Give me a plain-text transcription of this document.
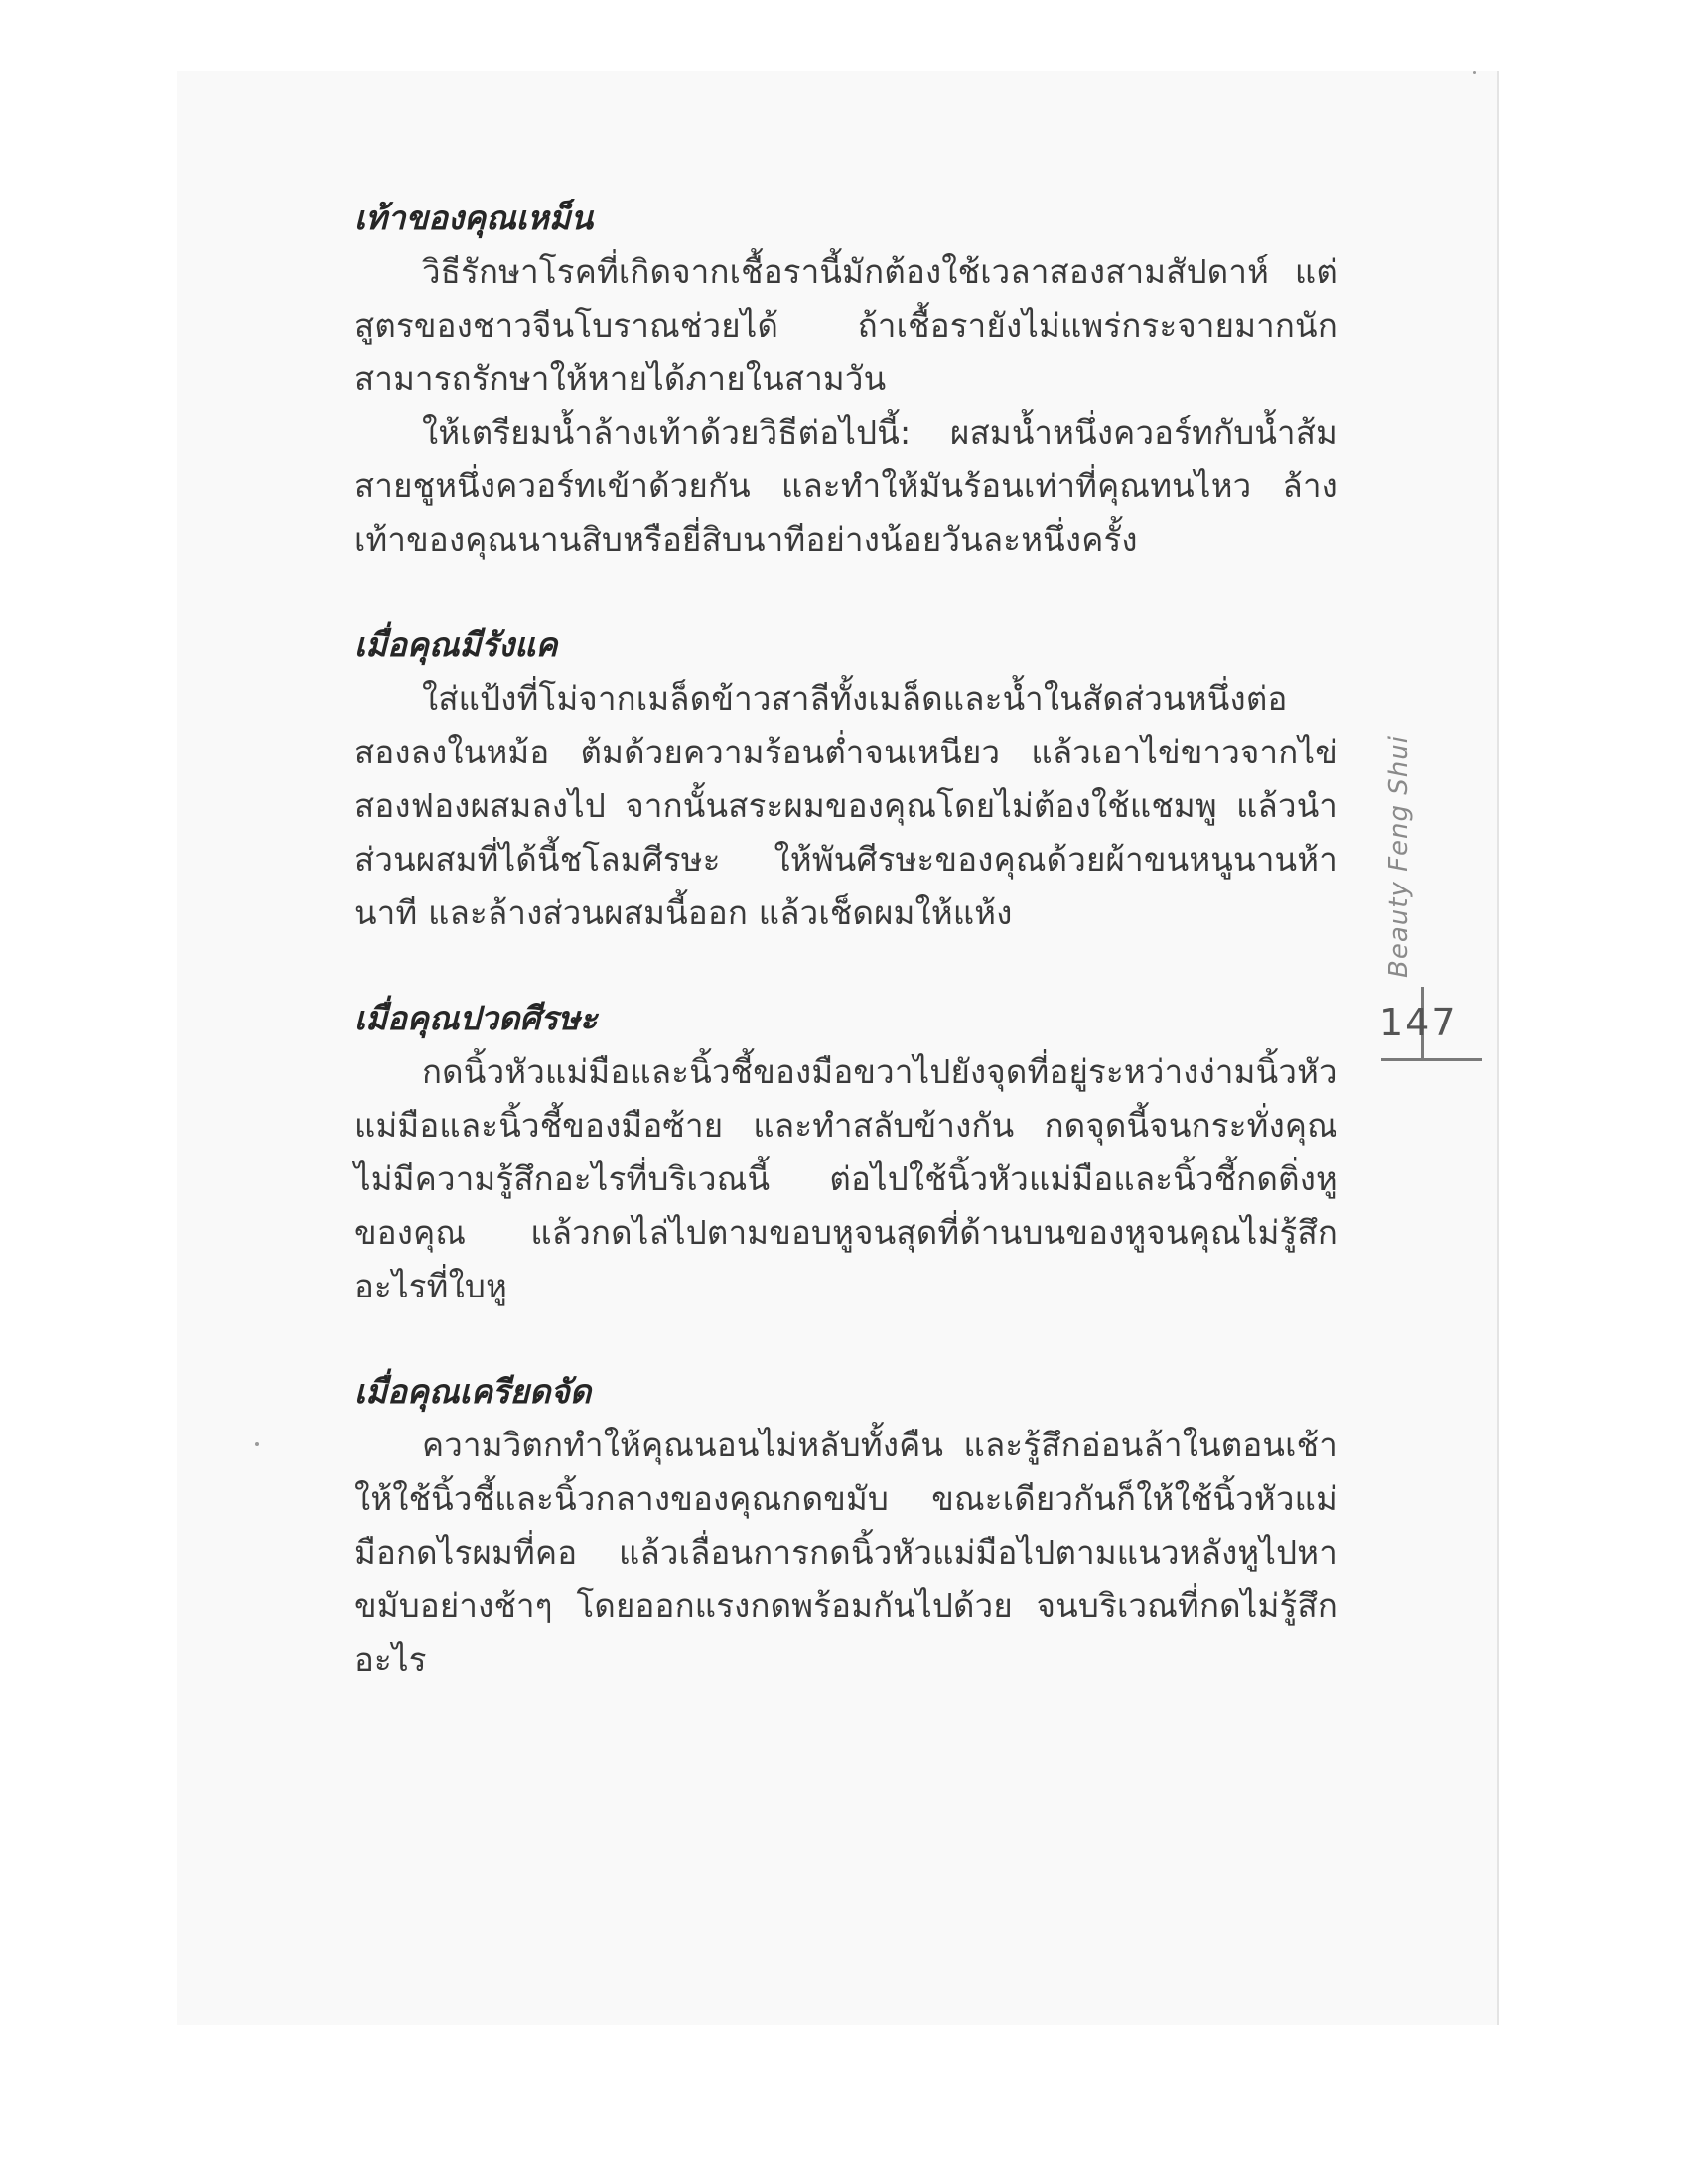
เท้าของคุณเหม็น

วิธีรักษาโรคที่เกิดจากเชื้อรานี้มักต้องใช้เวลาสองสามสัปดาห์ แต่สูตรของชาวจีนโบราณช่วยได้ ถ้าเชื้อรายังไม่แพร่กระจายมากนัก สามารถรักษาให้หายได้ภายในสามวัน

ให้เตรียมน้ำล้างเท้าด้วยวิธีต่อไปนี้: ผสมน้ำหนึ่งควอร์ทกับน้ำส้มสายชูหนึ่งควอร์ทเข้าด้วยกัน และทำให้มันร้อนเท่าที่คุณทนไหว ล้างเท้าของคุณนานสิบหรือยี่สิบนาทีอย่างน้อยวันละหนึ่งครั้ง

เมื่อคุณมีรังแค

ใส่แป้งที่โม่จากเมล็ดข้าวสาลีทั้งเมล็ดและน้ำในสัดส่วนหนึ่งต่อสองลงในหม้อ ต้มด้วยความร้อนต่ำจนเหนียว แล้วเอาไข่ขาวจากไข่สองฟองผสมลงไป จากนั้นสระผมของคุณโดยไม่ต้องใช้แชมพู แล้วนำส่วนผสมที่ได้นี้ชโลมศีรษะ ให้พันศีรษะของคุณด้วยผ้าขนหนูนานห้านาที และล้างส่วนผสมนี้ออก แล้วเช็ดผมให้แห้ง

เมื่อคุณปวดศีรษะ

กดนิ้วหัวแม่มือและนิ้วชี้ของมือขวาไปยังจุดที่อยู่ระหว่างง่ามนิ้วหัวแม่มือและนิ้วชี้ของมือซ้าย และทำสลับข้างกัน กดจุดนี้จนกระทั่งคุณไม่มีความรู้สึกอะไรที่บริเวณนี้ ต่อไปใช้นิ้วหัวแม่มือและนิ้วชี้กดติ่งหูของคุณ แล้วกดไล่ไปตามขอบหูจนสุดที่ด้านบนของหูจนคุณไม่รู้สึกอะไรที่ใบหู

เมื่อคุณเครียดจัด

ความวิตกทำให้คุณนอนไม่หลับทั้งคืน และรู้สึกอ่อนล้าในตอนเช้า ให้ใช้นิ้วชี้และนิ้วกลางของคุณกดขมับ ขณะเดียวกันก็ให้ใช้นิ้วหัวแม่มือกดไรผมที่คอ แล้วเลื่อนการกดนิ้วหัวแม่มือไปตามแนวหลังหูไปหาขมับอย่างช้าๆ โดยออกแรงกดพร้อมกันไปด้วย จนบริเวณที่กดไม่รู้สึกอะไร

Beauty Feng Shui
147
